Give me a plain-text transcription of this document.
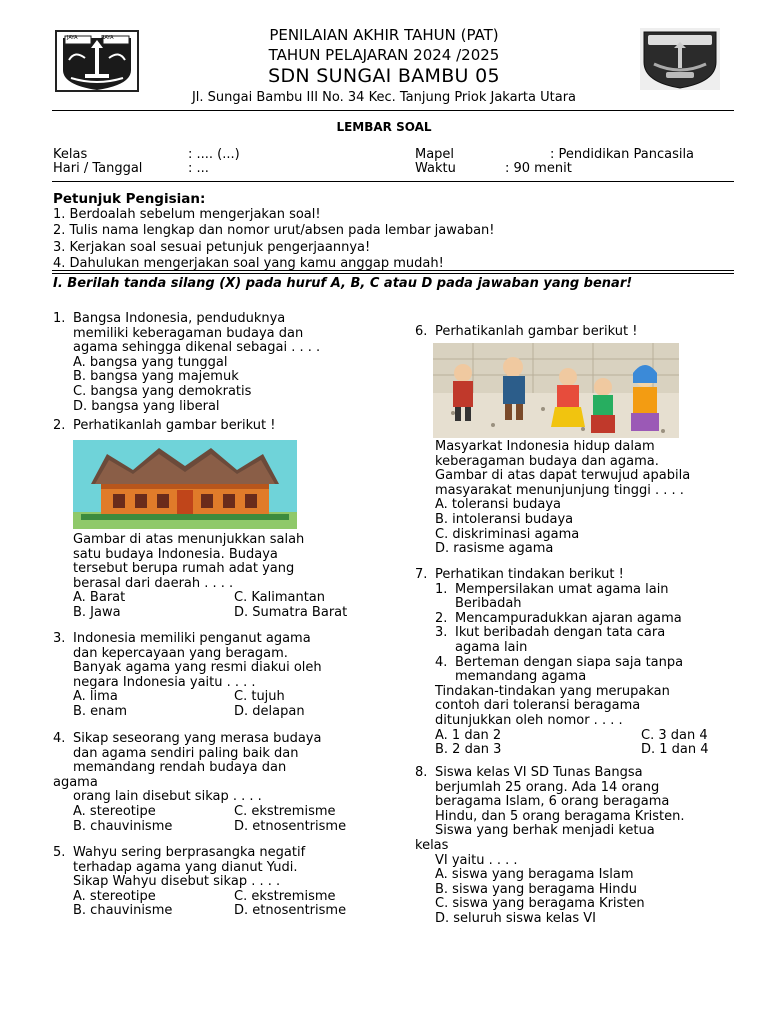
JAYA RAYA	PENILAIAN AKHIR TAHUN (PAT)
TAHUN PELAJARAN 2024 /2025
SDN SUNGAI BAMBU 05
Jl. Sungai Bambu III No. 34 Kec. Tanjung Priok Jakarta Utara
LEMBAR SOAL
Kelas	: .... (...)
Hari / Tanggal	: ...
Mapel	: Pendidikan Pancasila
Waktu	: 90 menit
Petunjuk Pengisian:
1. Berdoalah sebelum mengerjakan soal!
2. Tulis nama lengkap dan nomor urut/absen pada lembar jawaban!
3. Kerjakan soal sesuai petunjuk pengerjaannya!
4. Dahulukan mengerjakan soal yang kamu anggap mudah!
I. Berilah tanda silang (X) pada huruf A, B, C atau D pada jawaban yang benar!
1. Bangsa Indonesia, penduduknya
memiliki keberagaman budaya dan
agama sehingga dikenal sebagai . . . .
A. bangsa yang tunggal
B. bangsa yang majemuk
C. bangsa yang demokratis
D. bangsa yang liberal
2. Perhatikanlah gambar berikut !
Gambar di atas menunjukkan salah
satu budaya Indonesia. Budaya
tersebut berupa rumah adat yang
berasal dari daerah . . . .
A. Barat	C. Kalimantan
B. Jawa	D. Sumatra Barat
3. Indonesia memiliki penganut agama
dan kepercayaan yang beragam.
Banyak agama yang resmi diakui oleh
negara Indonesia yaitu . . . .
A. lima	C. tujuh
B. enam	D. delapan
4. Sikap seseorang yang merasa budaya
dan agama sendiri paling baik dan
memandang rendah budaya dan
agama
orang lain disebut sikap . . . .
A. stereotipe	C. ekstremisme
B. chauvinisme	D. etnosentrisme
5. Wahyu sering berprasangka negatif
terhadap agama yang dianut Yudi.
Sikap Wahyu disebut sikap . . . .
A. stereotipe	C. ekstremisme
B. chauvinisme	D. etnosentrisme
6. Perhatikanlah gambar berikut !
Masyarkat Indonesia hidup dalam
keberagaman budaya dan agama.
Gambar di atas dapat terwujud apabila
masyarakat menunjunjung tinggi . . . .
A. toleransi budaya
B. intoleransi budaya
C. diskriminasi agama
D. rasisme agama
7. Perhatikan tindakan berikut !
1. Mempersilakan umat agama lain
Beribadah
2. Mencampuradukkan ajaran agama
3. Ikut beribadah dengan tata cara
agama lain
4. Berteman dengan siapa saja tanpa
memandang agama
Tindakan-tindakan yang merupakan
contoh dari toleransi beragama
ditunjukkan oleh nomor . . . .
A. 1 dan 2	C. 3 dan 4
B. 2 dan 3	D. 1 dan 4
8. Siswa kelas VI SD Tunas Bangsa
berjumlah 25 orang. Ada 14 orang
beragama Islam, 6 orang beragama
Hindu, dan 5 orang beragama Kristen.
Siswa yang berhak menjadi ketua
kelas
VI yaitu . . . .
A. siswa yang beragama Islam
B. siswa yang beragama Hindu
C. siswa yang beragama Kristen
D. seluruh siswa kelas VI
